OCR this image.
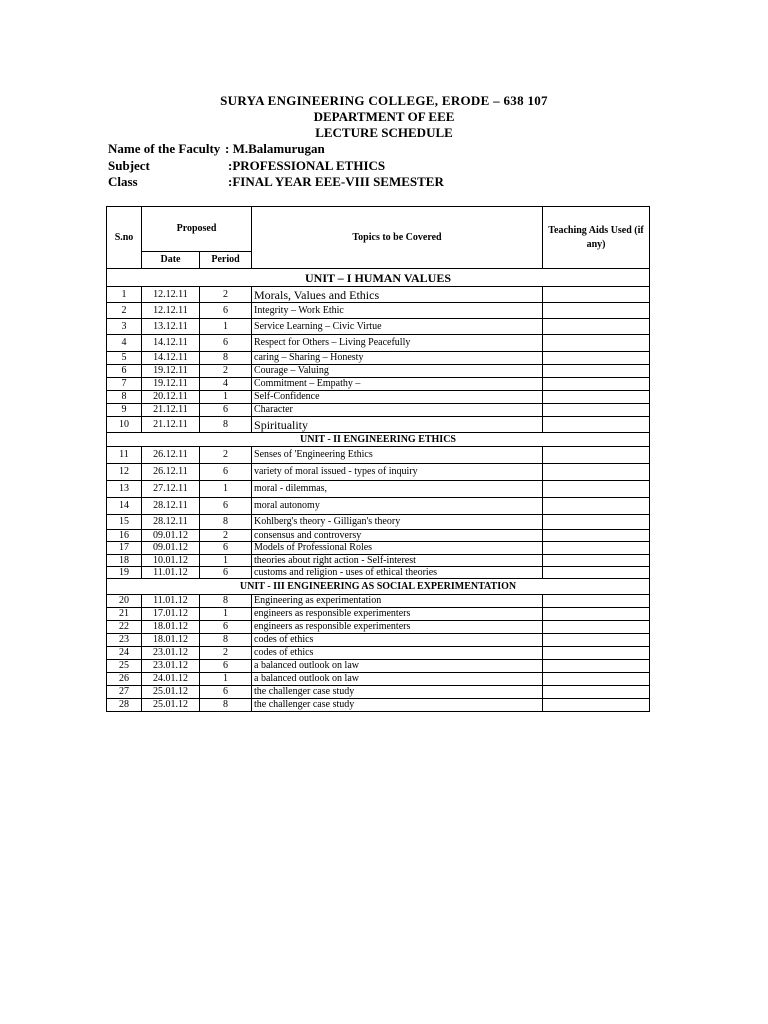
SURYA ENGINEERING COLLEGE, ERODE – 638 107
DEPARTMENT OF EEE
LECTURE SCHEDULE
Name of the Faculty : M.Balamurugan
Subject	:PROFESSIONAL ETHICS
Class	:FINAL YEAR EEE-VIII SEMESTER
S.no	Proposed		Topics to be Covered	Teaching Aids Used (if any)
	Date	Period		
UNIT – I HUMAN VALUES				
1	12.12.11	2	Morals, Values and Ethics	
2	12.12.11	6	Integrity – Work Ethic	
3	13.12.11	1	Service Learning – Civic Virtue	
4	14.12.11	6	Respect for Others – Living Peacefully	
5	14.12.11	8	caring – Sharing – Honesty	
6	19.12.11	2	Courage – Valuing	
7	19.12.11	4	Commitment – Empathy –	
8	20.12.11	1	Self-Confidence	
9	21.12.11	6	Character	
10	21.12.11	8	Spirituality	
UNIT - II ENGINEERING ETHICS				
11	26.12.11	2	Senses of 'Engineering Ethics	
12	26.12.11	6	variety of moral issued - types of inquiry	
13	27.12.11	1	moral - dilemmas,	
14	28.12.11	6	moral autonomy	
15	28.12.11	8	Kohlberg's theory - Gilligan's theory	
16	09.01.12	2	consensus and controversy	
17	09.01.12	6	Models of Professional Roles	
18	10.01.12	1	theories about right action - Self-interest	
19	11.01.12	6	customs and religion - uses of ethical theories	
UNIT - III ENGINEERING AS SOCIAL EXPERIMENTATION				
20	11.01.12	8	Engineering as experimentation	
21	17.01.12	1	engineers as responsible experimenters	
22	18.01.12	6	engineers as responsible experimenters	
23	18.01.12	8	codes of ethics	
24	23.01.12	2	codes of ethics	
25	23.01.12	6	a balanced outlook on law	
26	24.01.12	1	a balanced outlook on law	
27	25.01.12	6	the challenger case study	
28	25.01.12	8	the challenger case study	
